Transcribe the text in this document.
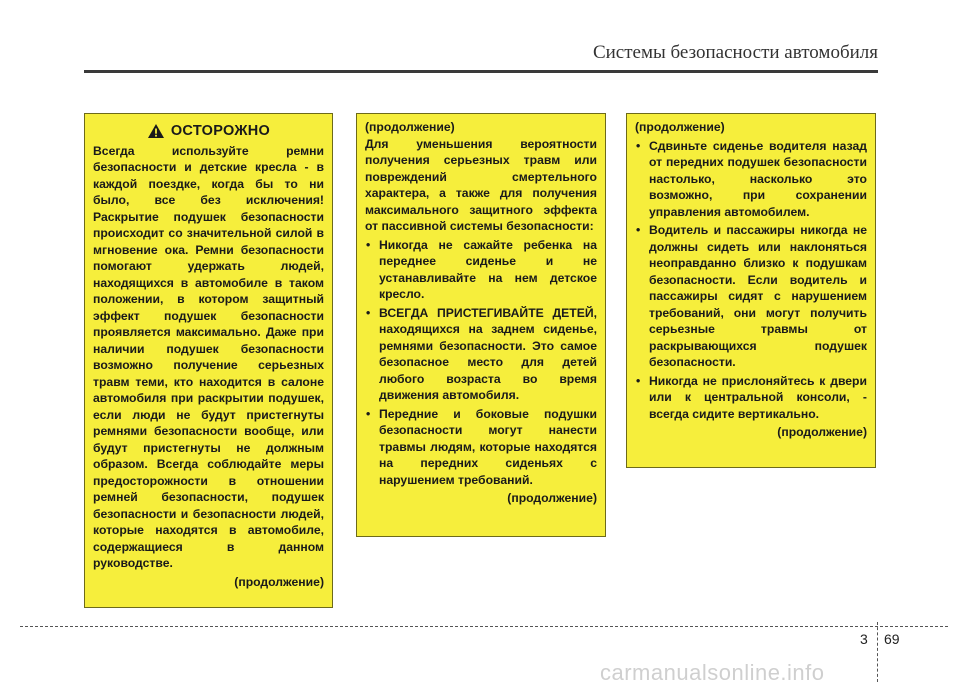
Системы безопасности автомобиля
ОСТОРОЖНО

Всегда используйте ремни безопасности и детские кресла - в каждой поездке, когда бы то ни было, все без исключения! Раскрытие подушек безопасности происходит со значительной силой в мгновение ока. Ремни безопасности помогают удержать людей, находящихся в автомобиле в таком положении, в котором защитный эффект подушек безопасности проявляется максимально. Даже при наличии подушек безопасности возможно получение серьезных травм теми, кто находится в салоне автомобиля при раскрытии подушек, если люди не будут пристегнуты ремнями безопасности вообще, или будут пристегнуты не должным образом. Всегда соблюдайте меры предосторожности в отношении ремней безопасности, подушек безопасности и безопасности людей, которые находятся в автомобиле, содержащиеся в данном руководстве.

(продолжение)
(продолжение)

Для уменьшения вероятности получения серьезных травм или повреждений смертельного характера, а также для получения максимального защитного эффекта от пассивной системы безопасности:

• Никогда не сажайте ребенка на переднее сиденье и не устанавливайте на нем детское кресло.
• ВСЕГДА ПРИСТЕГИВАЙТЕ ДЕТЕЙ, находящихся на заднем сиденье, ремнями безопасности. Это самое безопасное место для детей любого возраста во время движения автомобиля.
• Передние и боковые подушки безопасности могут нанести травмы людям, которые находятся на передних сиденьях с нарушением требований.
(продолжение)
(продолжение)
• Сдвиньте сиденье водителя назад от передних подушек безопасности настолько, насколько это возможно, при сохранении управления автомобилем.
• Водитель и пассажиры никогда не должны сидеть или наклоняться неоправданно близко к подушкам безопасности. Если водитель и пассажиры сидят с нарушением требований, они могут получить серьезные травмы от раскрывающихся подушек безопасности.
• Никогда не прислоняйтесь к двери или к центральной консоли, - всегда сидите вертикально.
(продолжение)
3 69
carmanualsonline.info
